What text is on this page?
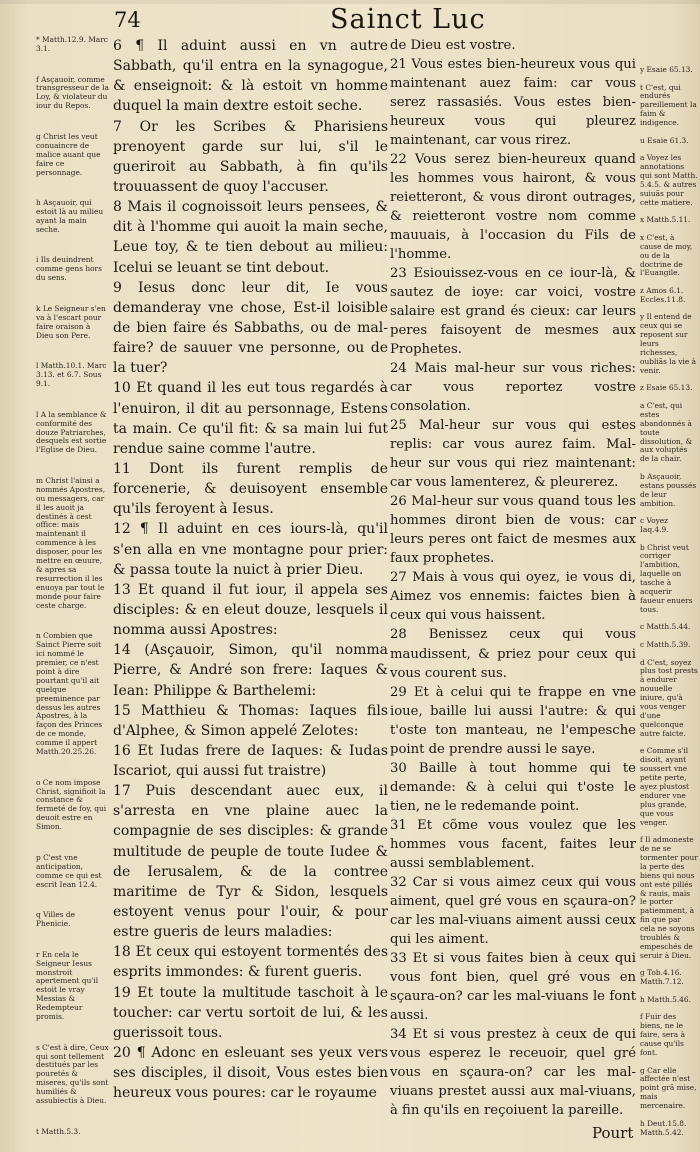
74	Sainct Luc
* Matth.12.9. Marc 3.1.
f Asçauoir, comme transgresseur de la Loy, & violateur du iour du Repos.
g Christ les veut conuaincre de malice auant que faire ce personnage.
h Asçauoir, qui estoit là au milieu ayant la main seche.
i Ils deuindrent comme gens hors du sens.
k Le Seigneur s'en va à l'escart pour faire oraison à Dieu son Pere.
l Matth.10.1. Marc 3.13. et 6.7. Sous 9.1.
l A la semblance & conformité des douze Patriarches, desquels est sortie l'Eglise de Dieu.
m Christ l'ainsi a nommés Apostres, ou messagers, car il les auoit ja destinés à cest office: mais maintenant il commence à les disposer, pour les mettre en œuure, & apres sa resurrection il les enuoya par tout le monde pour faire ceste charge.
n Combien que Sainct Pierre soit ici nommé le premier, ce n'est point à dire pourtant qu'il ait quelque preeminence par dessus les autres Apostres, à la façon des Princes de ce monde, comme il appert Matth.20.25.26.
o Ce nom impose Christ, signifioit la constance & fermeté de foy, qui deuoit estre en Simon.
p C'est vne anticipation, comme ce qui est escrit Iean 12.4.
q Villes de Phenicie.
r En cela le Seigneur Iesus monstroit apertement qu'il estoit le vray Messias & Redempteur promis.
s C'est à dire, Ceux qui sont tellement destitués par les pouretés & miseres, qu'ils sont humiliés & assubiectis à Dieu.
t Matth.5.3.

6 ¶ Il aduint aussi en vn autre Sabbath, qu'il entra en la synagogue, & enseignoit: & là estoit vn homme duquel la main dextre estoit seche.

7 Or les Scribes & Pharisiens prenoyent garde sur lui, s'il le gueriroit au Sabbath, à fin qu'ils trouuassent de quoy l'accuser.

8 Mais il cognoissoit leurs pensees, & dit à l'homme qui auoit la main seche, Leue toy, & te tien debout au milieu: Icelui se leuant se tint debout.

9 Iesus donc leur dit, Ie vous demanderay vne chose, Est-il loisible de bien faire és Sabbaths, ou de mal-faire? de sauuer vne personne, ou de la tuer?

10 Et quand il les eut tous regardés à l'enuiron, il dit au personnage, Estens ta main. Ce qu'il fit: & sa main lui fut rendue saine comme l'autre.

11 Dont ils furent remplis de forcenerie, & deuisoyent ensemble qu'ils feroyent à Iesus.

12 ¶ Il aduint en ces iours-là, qu'il s'en alla en vne montagne pour prier: & passa toute la nuict à prier Dieu.

13 Et quand il fut iour, il appela ses disciples: & en eleut douze, lesquels il nomma aussi Apostres:

14 (Asçauoir, Simon, qu'il nomma Pierre, & André son frere: Iaques & Iean: Philippe & Barthelemi:

15 Matthieu & Thomas: Iaques fils d'Alphee, & Simon appelé Zelotes:

16 Et Iudas frere de Iaques: & Iudas Iscariot, qui aussi fut traistre)

17 Puis descendant auec eux, il s'arresta en vne plaine auec la compagnie de ses disciples: & grande multitude de peuple de toute Iudee & de Ierusalem, & de la contree maritime de Tyr & Sidon, lesquels estoyent venus pour l'ouir, & pour estre gueris de leurs maladies:

18 Et ceux qui estoyent tormentés des esprits immondes: & furent gueris.

19 Et toute la multitude taschoit à le toucher: car vertu sortoit de lui, & les guerissoit tous.

20 ¶ Adonc en esleuant ses yeux vers ses disciples, il disoit, Vous estes bien heureux vous poures: car le royaume

de Dieu est vostre.

21 Vous estes bien-heureux vous qui maintenant auez faim: car vous serez rassasiés. Vous estes bien-heureux vous qui pleurez maintenant, car vous rirez.

22 Vous serez bien-heureux quand les hommes vous hairont, & vous reietteront, & vous diront outrages, & reietteront vostre nom comme mauuais, à l'occasion du Fils de l'homme.

23 Esiouissez-vous en ce iour-là, & sautez de ioye: car voici, vostre salaire est grand és cieux: car leurs peres faisoyent de mesmes aux Prophetes.

24 Mais mal-heur sur vous riches: car vous reportez vostre consolation.

25 Mal-heur sur vous qui estes replis: car vous aurez faim. Mal-heur sur vous qui riez maintenant: car vous lamenterez, & pleurerez.

26 Mal-heur sur vous quand tous les hommes diront bien de vous: car leurs peres ont faict de mesmes aux faux prophetes.

27 Mais à vous qui oyez, ie vous di, Aimez vos ennemis: faictes bien à ceux qui vous haissent.

28 Benissez ceux qui vous maudissent, & priez pour ceux qui vous courent sus.

29 Et à celui qui te frappe en vne ioue, baille lui aussi l'autre: & qui t'oste ton manteau, ne l'empesche point de prendre aussi le saye.

30 Baille à tout homme qui te demande: & à celui qui t'oste le tien, ne le redemande point.

31 Et cõme vous voulez que les hommes vous facent, faites leur aussi semblablement.

32 Car si vous aimez ceux qui vous aiment, quel gré vous en sçaura-on? car les mal-viuans aiment aussi ceux qui les aiment.

33 Et si vous faites bien à ceux qui vous font bien, quel gré vous en sçaura-on? car les mal-viuans le font aussi.

34 Et si vous prestez à ceux de qui vous esperez le receuoir, quel gré vous en sçaura-on? car les mal-viuans prestet aussi aux mal-viuans, à fin qu'ils en reçoiuent la pareille.

y Esaie 65.13.
t C'est, qui endurés pareillement la faim & indigence.
u Esaie 61.3.
a Voyez les annotations qui sont Matth. 5.4.5. & autres suiuãs pour cette matiere.
x Matth.5.11.
x C'est, à cause de moy, ou de la doctrine de l'Euangile.
z Amos 6.1. Eccles.11.8.
y Il entend de ceux qui se reposent sur leurs richesses, oubliãs la vie à venir.
z Esaie 65.13.
a C'est, qui estes abandonnés à toute dissolution, & aux voluptés de la chair.
b Asçauoir, estans poussés de leur ambition.
c Voyez Iaq.4.9.
b Christ veut corriger l'ambition, laquelle on tasche à acquerir faueur enuers tous.
c Matth.5.44.
c Matth.5.39.
d C'est, soyez plus tost prests à endurer nouuelle iniure, qu'à vous venger d'une quelconque autre faicte.
e Comme s'il disoit, ayant soussert vne petite perte, ayez plustost endurer vne plus grande, que vous venger.
f Il admoneste de ne se tormenter pour la perte des biens qui nous ont esté pillés & rauis, mais le porter patiemment, à fin que par cela ne soyons troublés & empeschés de seruir à Dieu.
g Tob.4.16. Matth.7.12.
h Matth.5.46.
f Fuir des biens, ne le faire, sera à cause qu'ils font.
g Car elle affectée n'est point grã mise, mais mercenaire.
h Deut.15.8. Matth.5.42.
Pourt
